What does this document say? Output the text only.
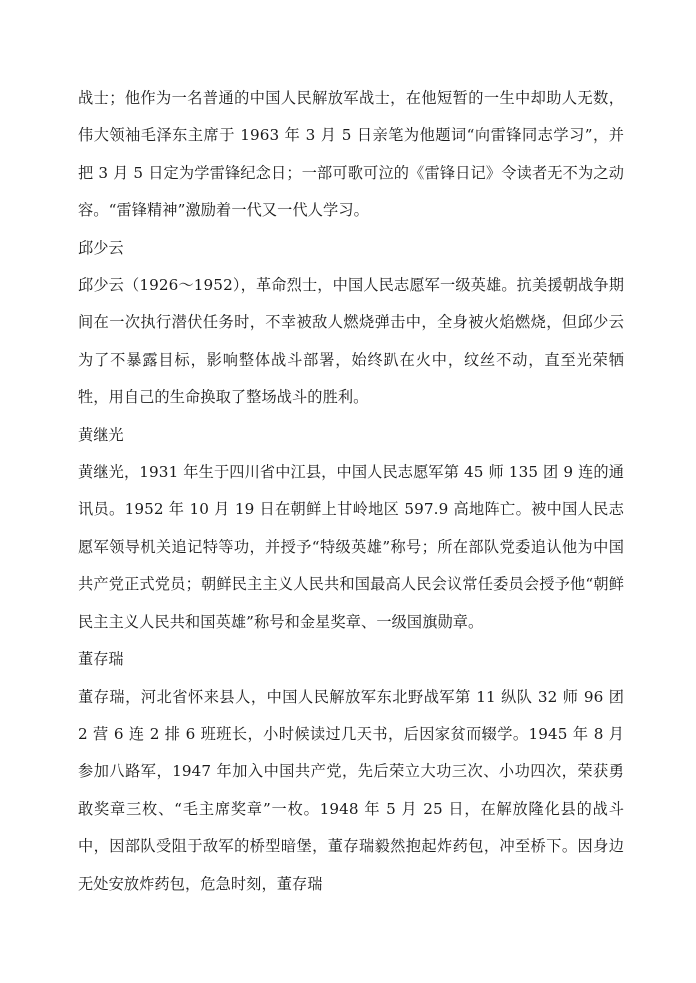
战士；他作为一名普通的中国人民解放军战士，在他短暂的一生中却助人无数，伟大领袖毛泽东主席于 1963 年 3 月 5 日亲笔为他题词“向雷锋同志学习”，并把 3 月 5 日定为学雷锋纪念日；一部可歌可泣的《雷锋日记》令读者无不为之动容。“雷锋精神”激励着一代又一代人学习。

邱少云

邱少云（1926～1952），革命烈士，中国人民志愿军一级英雄。抗美援朝战争期间在一次执行潜伏任务时，不幸被敌人燃烧弹击中，全身被火焰燃烧，但邱少云为了不暴露目标，影响整体战斗部署，始终趴在火中，纹丝不动，直至光荣牺牲，用自己的生命换取了整场战斗的胜利。

黄继光

黄继光，1931 年生于四川省中江县，中国人民志愿军第 45 师 135 团 9 连的通讯员。1952 年 10 月 19 日在朝鲜上甘岭地区 597.9 高地阵亡。被中国人民志愿军领导机关追记特等功，并授予“特级英雄”称号；所在部队党委追认他为中国共产党正式党员；朝鲜民主主义人民共和国最高人民会议常任委员会授予他“朝鲜民主主义人民共和国英雄”称号和金星奖章、一级国旗勋章。

董存瑞

董存瑞，河北省怀来县人，中国人民解放军东北野战军第 11 纵队 32 师 96 团 2 营 6 连 2 排 6 班班长，小时候读过几天书，后因家贫而辍学。1945 年 8 月参加八路军，1947 年加入中国共产党，先后荣立大功三次、小功四次，荣获勇敢奖章三枚、“毛主席奖章”一枚。1948 年 5 月 25 日，在解放隆化县的战斗中，因部队受阻于敌军的桥型暗堡，董存瑞毅然抱起炸药包，冲至桥下。因身边无处安放炸药包，危急时刻，董存瑞
